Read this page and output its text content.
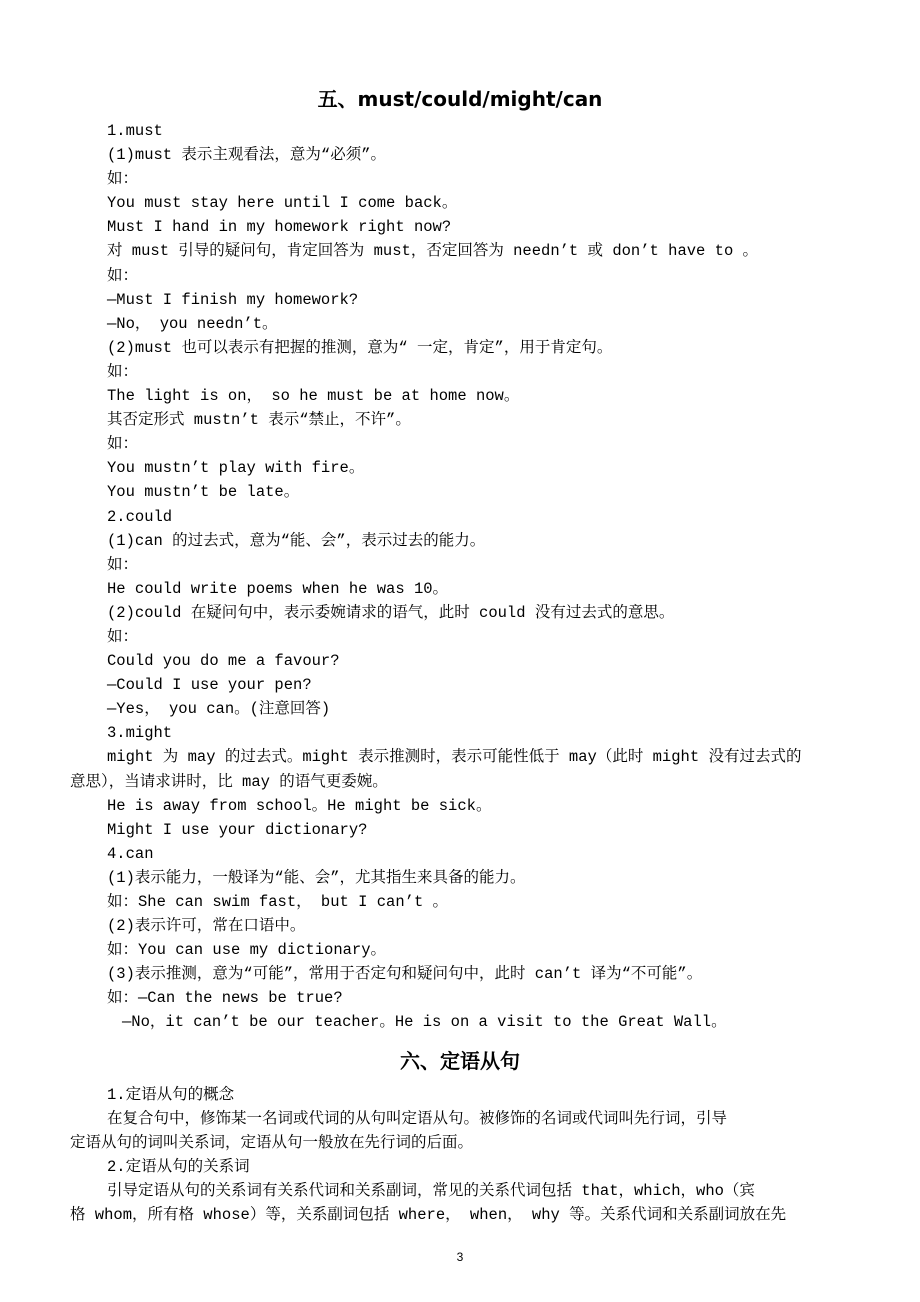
五、must/could/might/can
1.must
(1)must 表示主观看法，意为“必须”。
如：
You must stay here until I come back。
Must I hand in my homework right now?
对 must 引导的疑问句，肯定回答为 must，否定回答为 needn’t 或 don’t have to 。
如：
—Must I finish my homework?
—No， you needn’t。
(2)must 也可以表示有把握的推测，意为“ 一定，肯定”，用于肯定句。
如：
The light is on， so he must be at home now。
其否定形式 mustn’t 表示“禁止，不许”。
如：
You mustn’t play with fire。
You mustn’t be late。
2.could
(1)can 的过去式，意为“能、会”，表示过去的能力。
如：
He could write poems when he was 10。
(2)could 在疑问句中，表示委婉请求的语气，此时 could 没有过去式的意思。
如：
Could you do me a favour?
—Could I use your pen?
—Yes， you can。(注意回答)
3.might
might 为 may 的过去式。might 表示推测时，表示可能性低于 may（此时 might 没有过去式的
意思），当请求讲时，比 may 的语气更委婉。
He is away from school。He might be sick。
Might I use your dictionary?
4.can
(1)表示能力，一般译为“能、会”，尤其指生来具备的能力。
如：She can swim fast， but I can’t 。
(2)表示许可，常在口语中。
如：You can use my dictionary。
(3)表示推测，意为“可能”，常用于否定句和疑问句中，此时 can’t 译为“不可能”。
如：—Can the news be true?
—No，it can’t be our teacher。He is on a visit to the Great Wall。
六、定语从句
1.定语从句的概念
在复合句中，修饰某一名词或代词的从句叫定语从句。被修饰的名词或代词叫先行词，引导
定语从句的词叫关系词，定语从句一般放在先行词的后面。
2.定语从句的关系词
引导定语从句的关系词有关系代词和关系副词，常见的关系代词包括 that，which，who（宾
格 whom，所有格 whose）等，关系副词包括 where， when， why 等。关系代词和关系副词放在先
3
